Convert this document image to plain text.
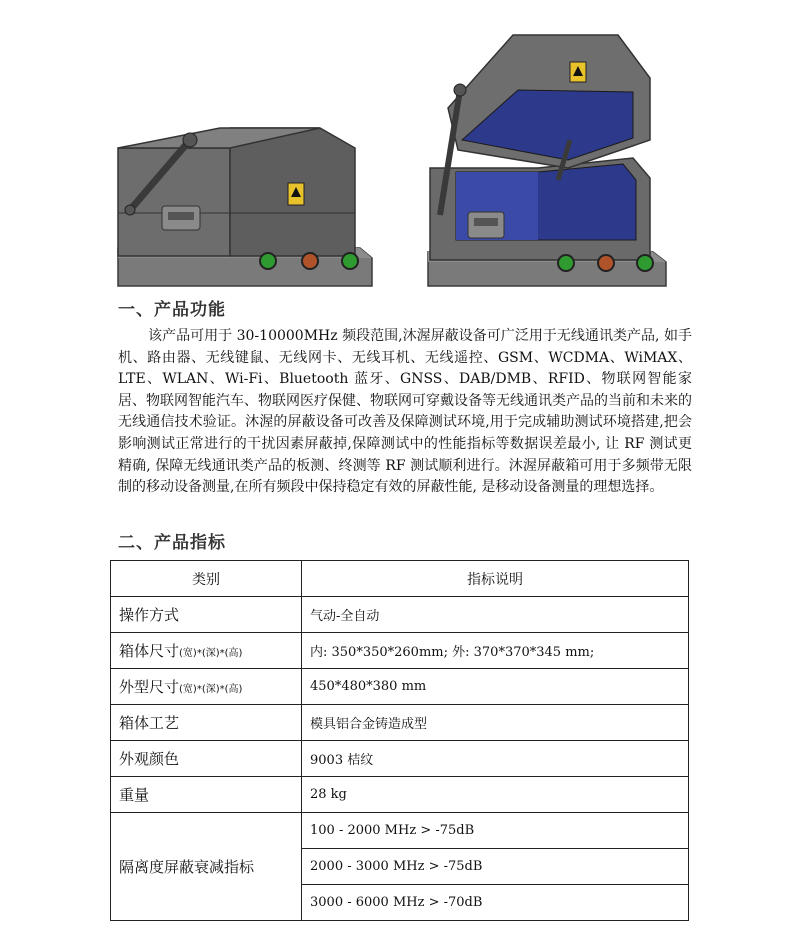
一、产品功能
该产品可用于 30-10000MHz 频段范围,沐渥屏蔽设备可广泛用于无线通讯类产品, 如手机、路由器、无线键鼠、无线网卡、无线耳机、无线遥控、GSM、WCDMA、WiMAX、LTE、WLAN、Wi-Fi、Bluetooth 蓝牙、GNSS、DAB/DMB、RFID、物联网智能家居、物联网智能汽车、物联网医疗保健、物联网可穿戴设备等无线通讯类产品的当前和未来的无线通信技术验证。沐渥的屏蔽设备可改善及保障测试环境,用于完成辅助测试环境搭建,把会影响测试正常进行的干扰因素屏蔽掉,保障测试中的性能指标等数据误差最小, 让 RF 测试更精确, 保障无线通讯类产品的板测、终测等 RF 测试顺利进行。沐渥屏蔽箱可用于多频带无限制的移动设备测量,在所有频段中保持稳定有效的屏蔽性能, 是移动设备测量的理想选择。
二、产品指标
类别	指标说明
操作方式	气动-全自动
箱体尺寸(宽)*(深)*(高)	内: 350*350*260mm; 外: 370*370*345 mm;
外型尺寸(宽)*(深)*(高)	450*480*380 mm
箱体工艺	模具铝合金铸造成型
外观颜色	9003 桔纹
重量	28 kg
隔离度屏蔽衰减指标	100 - 2000 MHz > -75dB
	2000 - 3000 MHz > -75dB
	3000 - 6000 MHz > -70dB
